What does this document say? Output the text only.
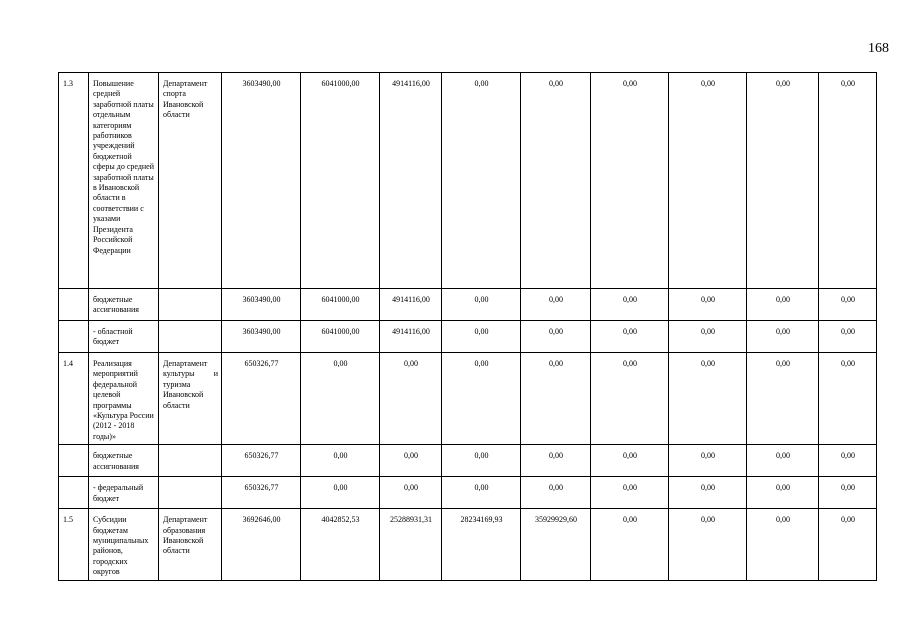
168
1.3	Повышение средней заработной платы отдельным категориям работников учреждений бюджетной сферы до средней заработной платы в Ивановской области в соответствии с указами Президента Российской Федерации	Департамент спорта Ивановской области	3603490,00	6041000,00	4914116,00	0,00	0,00	0,00	0,00	0,00	0,00
	бюджетные ассигнования		3603490,00	6041000,00	4914116,00	0,00	0,00	0,00	0,00	0,00	0,00
	- областной бюджет		3603490,00	6041000,00	4914116,00	0,00	0,00	0,00	0,00	0,00	0,00
1.4	Реализация мероприятий федеральной целевой программы «Культура России (2012 - 2018 годы)»	Департамент культуры и туризма Ивановской области	650326,77	0,00	0,00	0,00	0,00	0,00	0,00	0,00	0,00
	бюджетные ассигнования		650326,77	0,00	0,00	0,00	0,00	0,00	0,00	0,00	0,00
	- федеральный бюджет		650326,77	0,00	0,00	0,00	0,00	0,00	0,00	0,00	0,00
1.5	Субсидии бюджетам муниципальных районов, городских округов	Департамент образования Ивановской области	3692646,00	4042852,53	25288931,31	28234169,93	35929929,60	0,00	0,00	0,00	0,00
